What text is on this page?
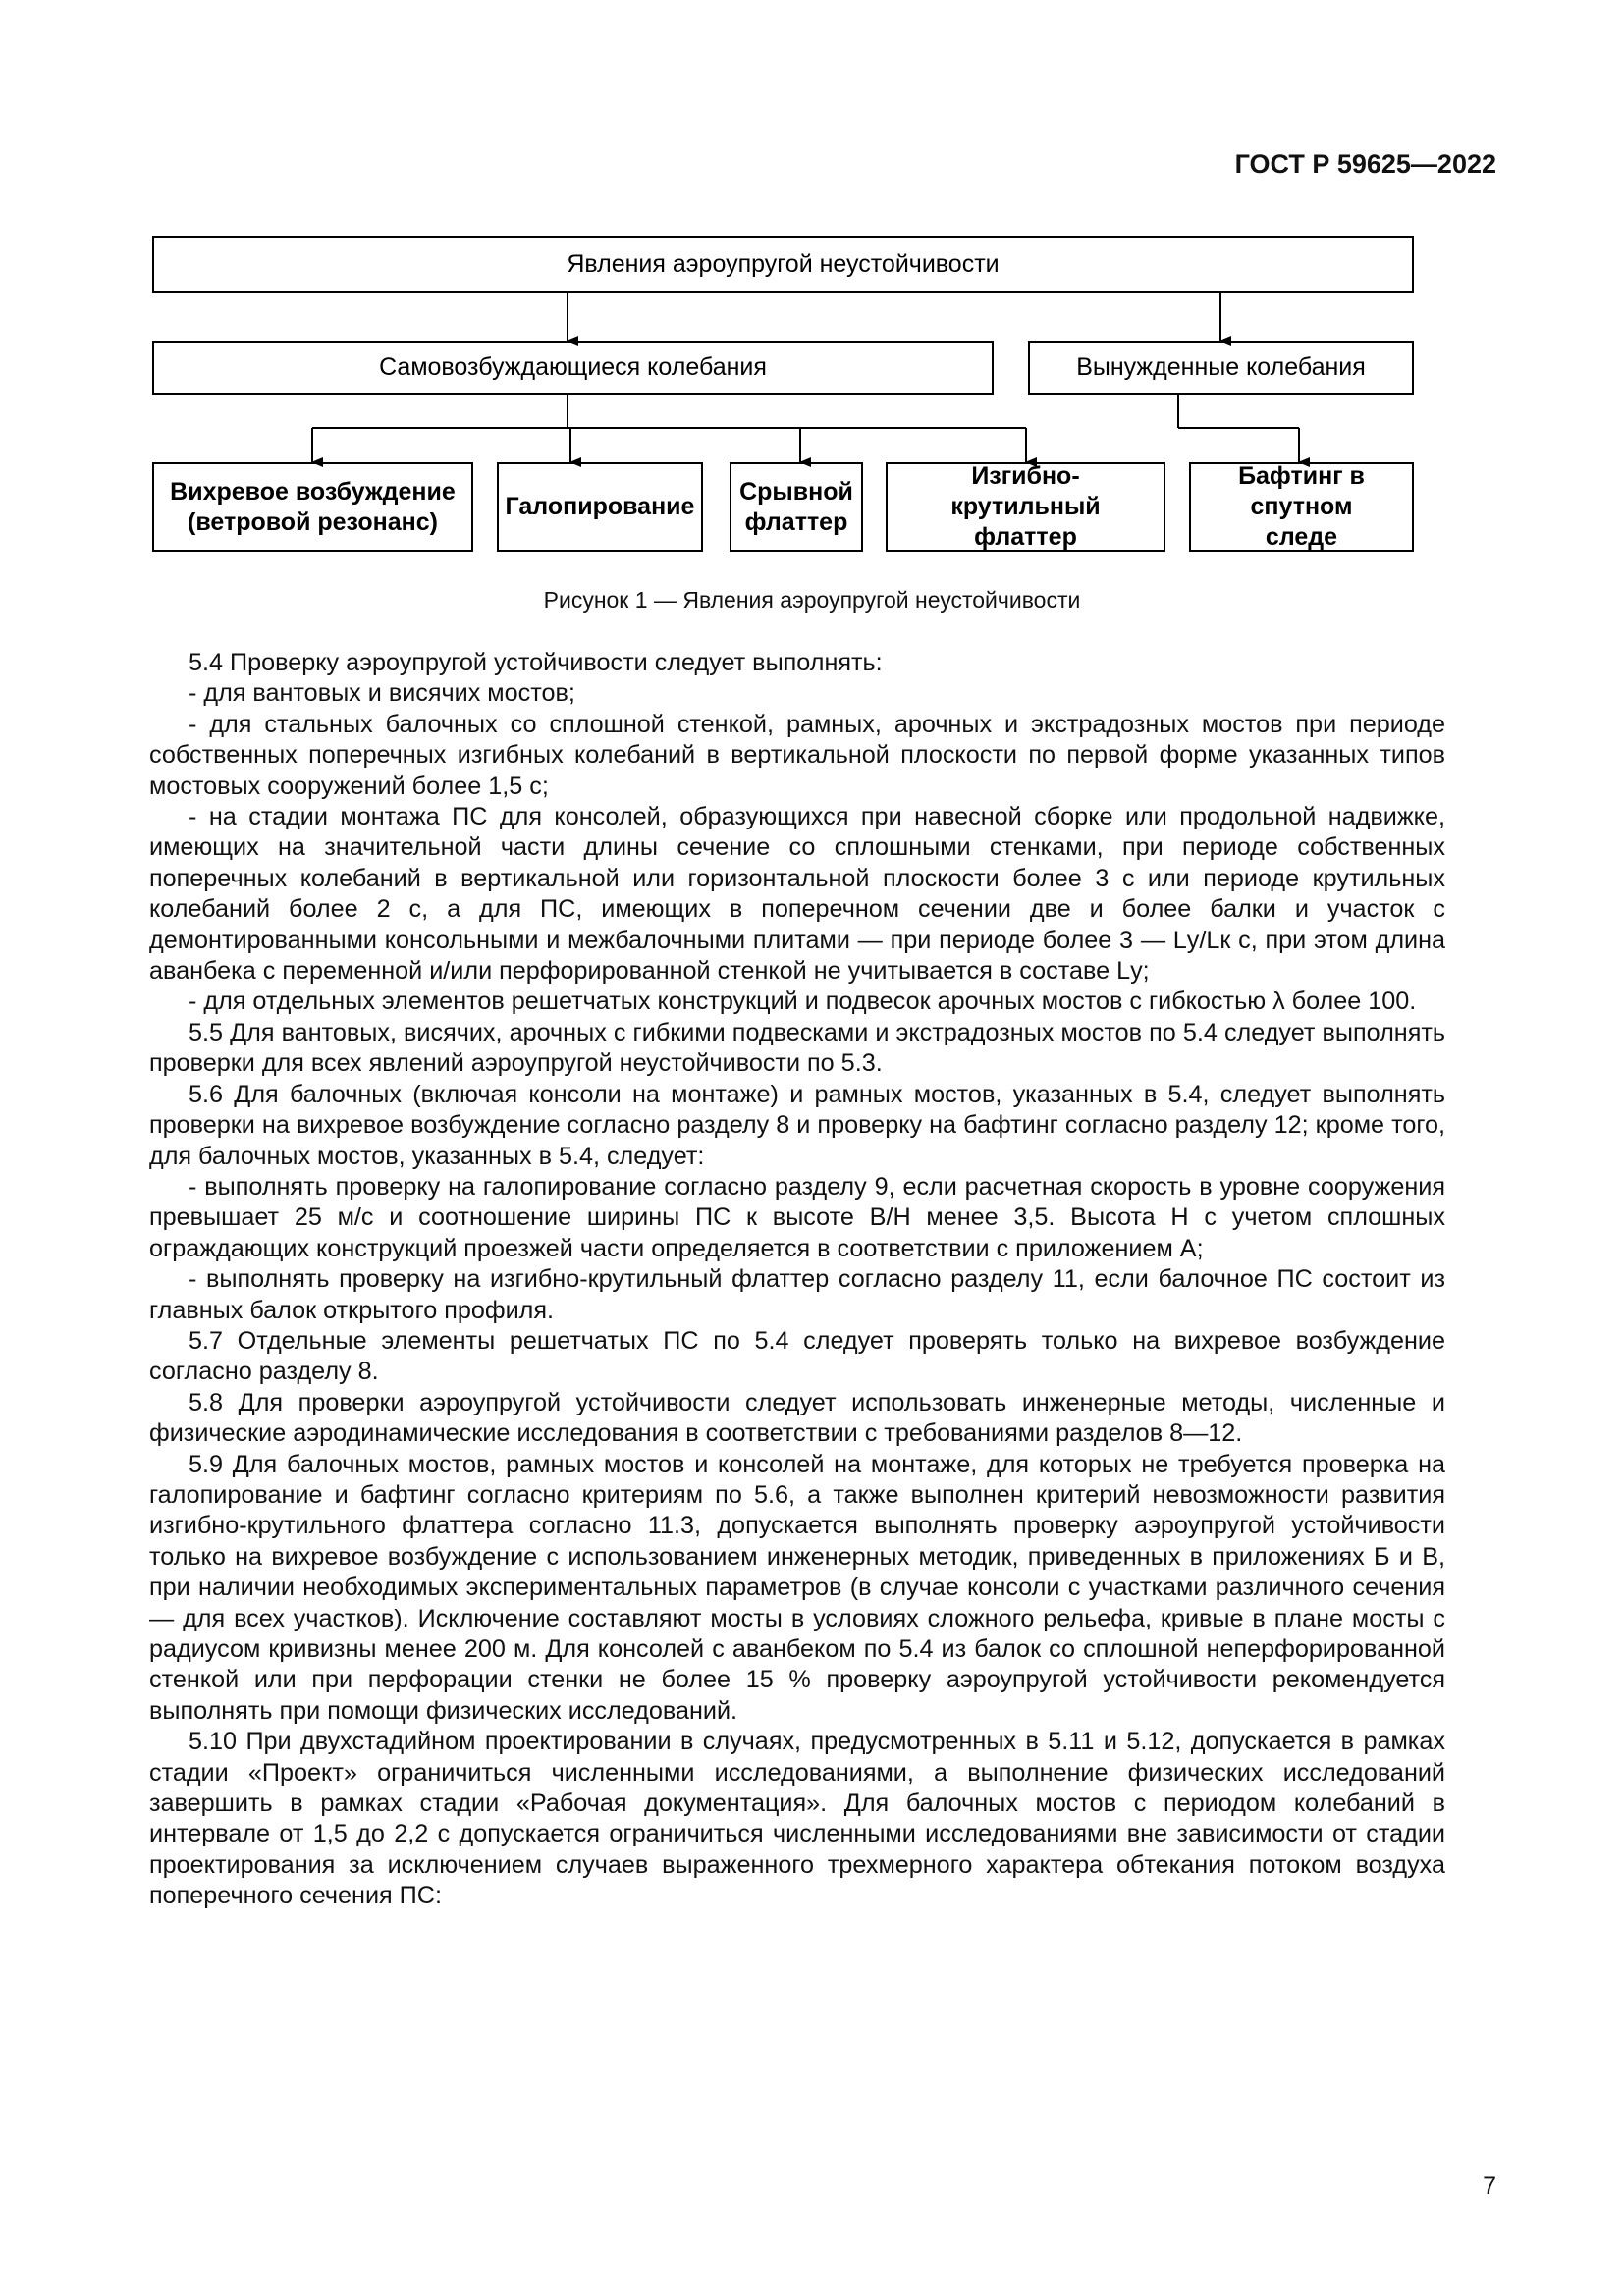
ГОСТ Р 59625—2022
Явления аэроупругой неустойчивости
Самовозбуждающиеся колебания	Вынужденные колебания
Вихревое возбуждение (ветровой резонанс)
Галопирование
Срывной флаттер
Изгибно-крутильный флаттер
Бафтинг в спутном следе
Рисунок 1 — Явления аэроупругой неустойчивости

5.4 Проверку аэроупругой устойчивости следует выполнять:

- для вантовых и висячих мостов;

- для стальных балочных со сплошной стенкой, рамных, арочных и экстрадозных мостов при периоде собственных поперечных изгибных колебаний в вертикальной плоскости по первой форме указанных типов мостовых сооружений более 1,5 с;

- на стадии монтажа ПС для консолей, образующихся при навесной сборке или продольной надвижке, имеющих на значительной части длины сечение со сплошными стенками, при периоде собственных поперечных колебаний в вертикальной или горизонтальной плоскости более 3 с или периоде крутильных колебаний более 2 с, а для ПС, имеющих в поперечном сечении две и более балки и участок с демонтированными консольными и межбалочными плитами — при периоде более 3 — Lу/Lк с, при этом длина аванбека с переменной и/или перфорированной стенкой не учитывается в составе Lу;

- для отдельных элементов решетчатых конструкций и подвесок арочных мостов с гибкостью λ более 100.

5.5 Для вантовых, висячих, арочных с гибкими подвесками и экстрадозных мостов по 5.4 следует выполнять проверки для всех явлений аэроупругой неустойчивости по 5.3.

5.6 Для балочных (включая консоли на монтаже) и рамных мостов, указанных в 5.4, следует выполнять проверки на вихревое возбуждение согласно разделу 8 и проверку на бафтинг согласно разделу 12; кроме того, для балочных мостов, указанных в 5.4, следует:

- выполнять проверку на галопирование согласно разделу 9, если расчетная скорость в уровне сооружения превышает 25 м/с и соотношение ширины ПС к высоте B/H менее 3,5. Высота H с учетом сплошных ограждающих конструкций проезжей части определяется в соответствии с приложением А;

- выполнять проверку на изгибно-крутильный флаттер согласно разделу 11, если балочное ПС состоит из главных балок открытого профиля.

5.7 Отдельные элементы решетчатых ПС по 5.4 следует проверять только на вихревое возбуждение согласно разделу 8.

5.8 Для проверки аэроупругой устойчивости следует использовать инженерные методы, численные и физические аэродинамические исследования в соответствии с требованиями разделов 8—12.

5.9 Для балочных мостов, рамных мостов и консолей на монтаже, для которых не требуется проверка на галопирование и бафтинг согласно критериям по 5.6, а также выполнен критерий невозможности развития изгибно-крутильного флаттера согласно 11.3, допускается выполнять проверку аэроупругой устойчивости только на вихревое возбуждение с использованием инженерных методик, приведенных в приложениях Б и В, при наличии необходимых экспериментальных параметров (в случае консоли с участками различного сечения — для всех участков). Исключение составляют мосты в условиях сложного рельефа, кривые в плане мосты с радиусом кривизны менее 200 м. Для консолей с аванбеком по 5.4 из балок со сплошной неперфорированной стенкой или при перфорации стенки не более 15 % проверку аэроупругой устойчивости рекомендуется выполнять при помощи физических исследований.

5.10 При двухстадийном проектировании в случаях, предусмотренных в 5.11 и 5.12, допускается в рамках стадии «Проект» ограничиться численными исследованиями, а выполнение физических исследований завершить в рамках стадии «Рабочая документация». Для балочных мостов с периодом колебаний в интервале от 1,5 до 2,2 с допускается ограничиться численными исследованиями вне зависимости от стадии проектирования за исключением случаев выраженного трехмерного характера обтекания потоком воздуха поперечного сечения ПС:

7
